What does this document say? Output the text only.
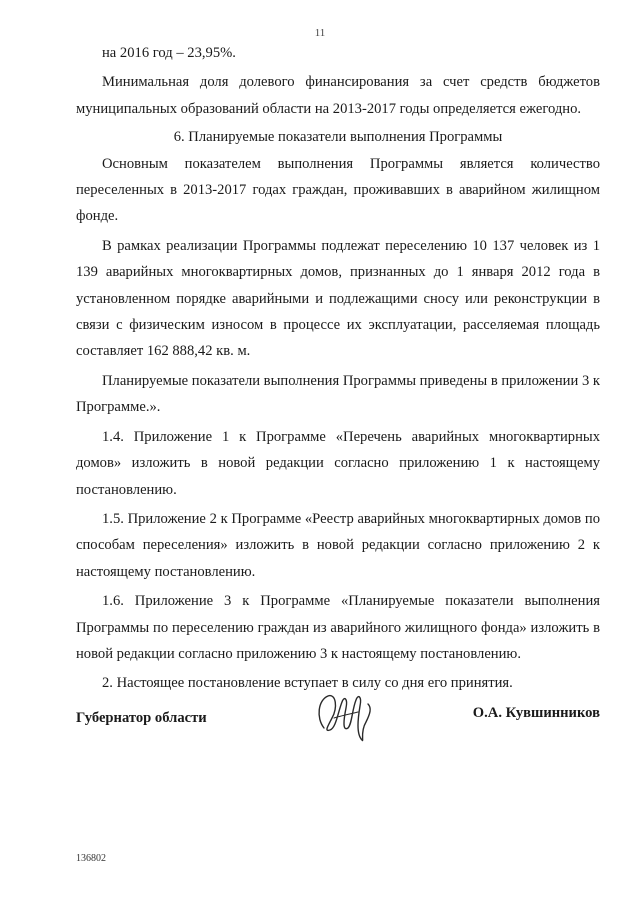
11

на 2016 год – 23,95%.

Минимальная доля долевого финансирования за счет средств бюджетов муниципальных образований области на 2013-2017 годы определяется ежегодно.

6. Планируемые показатели выполнения Программы

Основным показателем выполнения Программы является количество переселенных в 2013-2017 годах граждан, проживавших в аварийном жилищном фонде.

В рамках реализации Программы подлежат переселению 10 137 человек из 1 139 аварийных многоквартирных домов, признанных до 1 января 2012 года в установленном порядке аварийными и подлежащими сносу или реконструкции в связи с физическим износом в процессе их эксплуатации, расселяемая площадь составляет 162 888,42 кв. м.

Планируемые показатели выполнения Программы приведены в приложении 3 к Программе.».

1.4. Приложение 1 к Программе «Перечень аварийных многоквартирных домов» изложить в новой редакции согласно приложению 1 к настоящему постановлению.

1.5. Приложение 2 к Программе «Реестр аварийных многоквартирных домов по способам переселения» изложить в новой редакции согласно приложению 2 к настоящему постановлению.

1.6. Приложение 3 к Программе «Планируемые показатели выполнения Программы по переселению граждан из аварийного жилищного фонда» изложить в новой редакции согласно приложению 3 к настоящему постановлению.

2. Настоящее постановление вступает в силу со дня его принятия.

Губернатор области	О.А. Кувшинников
136802
